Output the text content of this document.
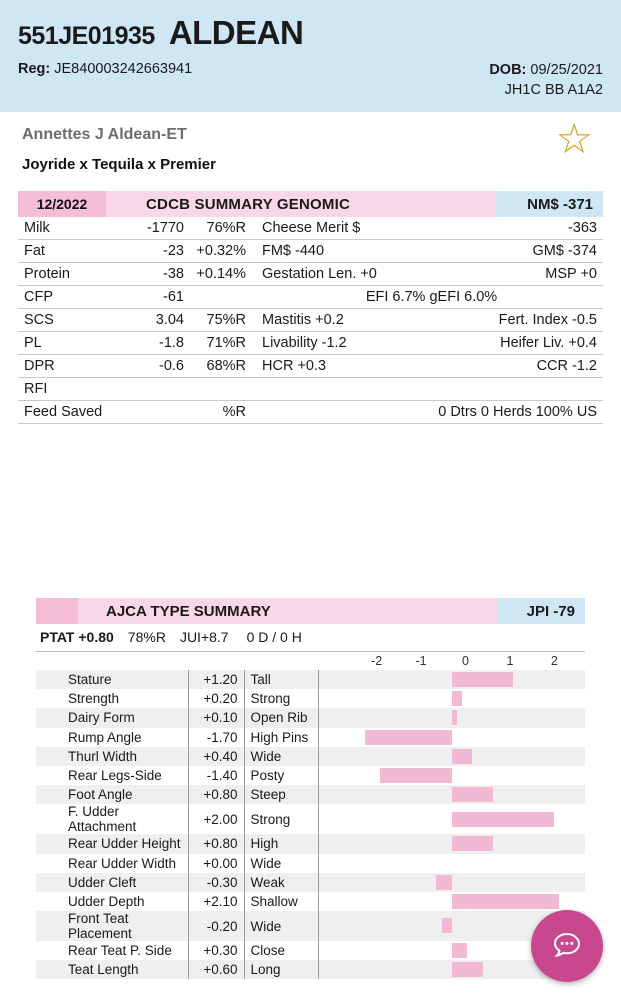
551JE01935 ALDEAN
Reg: JE840003242663941	DOB: 09/25/2021
JH1C BB A1A2
Annettes J Aldean-ET
Joyride x Tequila x Premier
☆
12/2022	CDCB SUMMARY GENOMIC	NM$ -371
Milk	-1770	76%R	Cheese Merit $	-363
Fat	-23	+0.32%	FM$ -440	GM$ -374
Protein	-38	+0.14%	Gestation Len. +0	MSP +0
CFP	-61		EFI 6.7% gEFI 6.0%	
SCS	3.04	75%R	Mastitis +0.2	Fert. Index -0.5
PL	-1.8	71%R	Livability -1.2	Heifer Liv. +0.4
DPR	-0.6	68%R	HCR +0.3	CCR -1.2
RFI				
Feed Saved		%R	0 Dtrs 0 Herds 100% US	
AJCA TYPE SUMMARY	JPI -79
PTAT +0.80 78%R JUI+8.7 0 D / 0 H
-2	-1	0	1	2
Stature	+1.20	Tall	

Strength	+0.20	Strong	

Dairy Form	+0.10	Open Rib	

Rump Angle	-1.70	High Pins	

Thurl Width	+0.40	Wide	

Rear Legs-Side	-1.40	Posty	

Foot Angle	+0.80	Steep	

F. Udder Attachment	+2.00	Strong	

Rear Udder Height	+0.80	High	

Rear Udder Width	+0.00	Wide	

Udder Cleft	-0.30	Weak	

Udder Depth	+2.10	Shallow	

Front Teat Placement	-0.20	Wide	

Rear Teat P. Side	+0.30	Close	

Teat Length	+0.60	Long	
